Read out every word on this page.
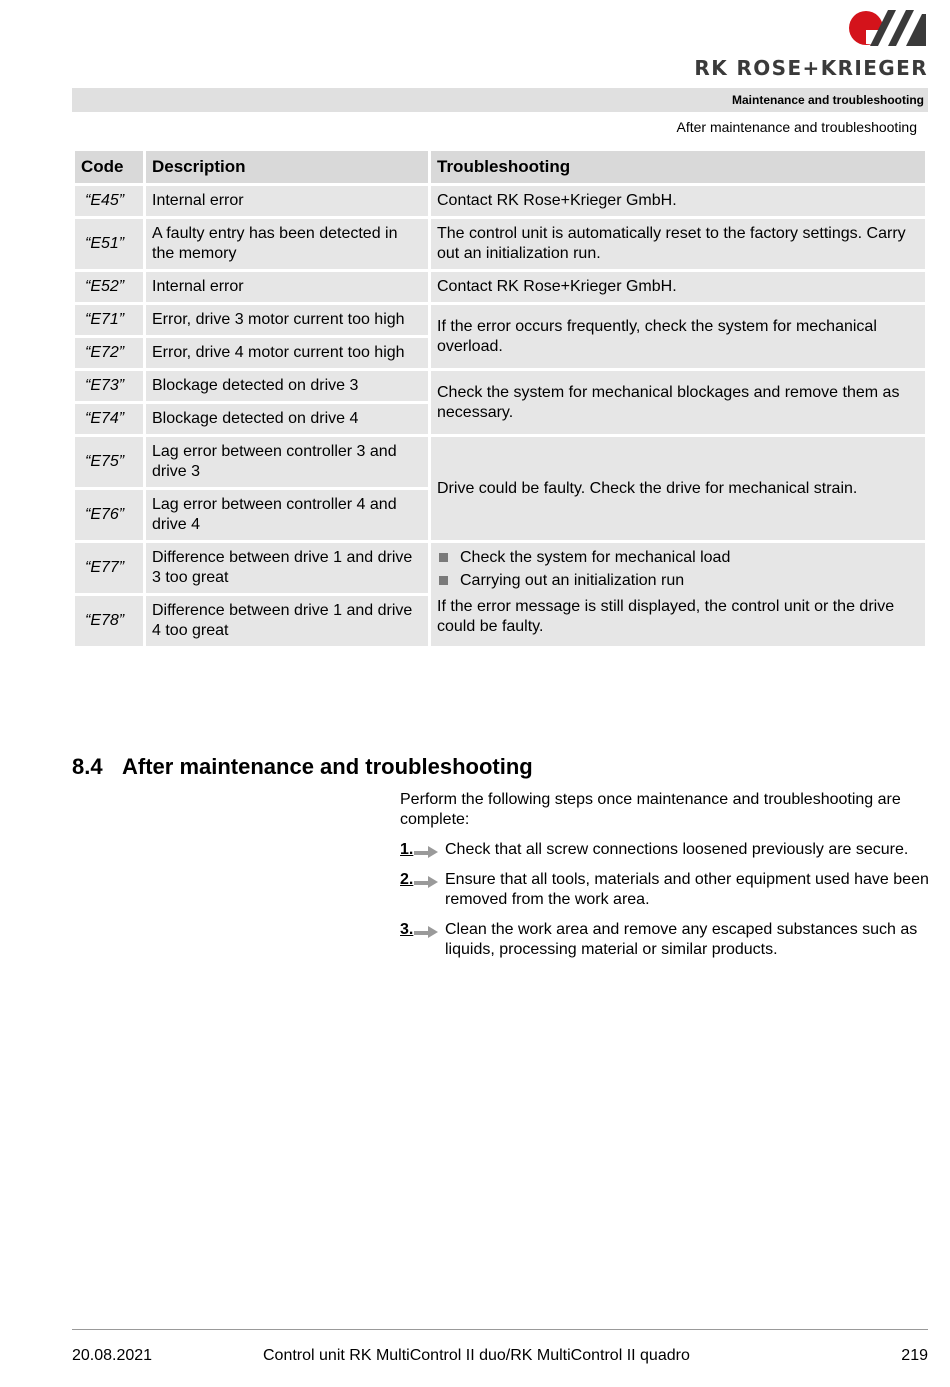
RK ROSE+KRIEGER
Maintenance and troubleshooting
After maintenance and troubleshooting
Code	Description	Troubleshooting
“E45”	Internal error	Contact RK Rose+Krieger GmbH.
“E51”	A faulty entry has been detected in the memory	The control unit is automatically reset to the factory settings. Carry out an initialization run.
“E52”	Internal error	Contact RK Rose+Krieger GmbH.
“E71”	Error, drive 3 motor current too high	If the error occurs frequently, check the system for mechanical overload.
“E72”	Error, drive 4 motor current too high	
“E73”	Blockage detected on drive 3	Check the system for mechanical blockages and remove them as necessary.
“E74”	Blockage detected on drive 4	
“E75”	Lag error between controller 3 and drive 3	Drive could be faulty. Check the drive for mechanical strain.
“E76”	Lag error between controller 4 and drive 4	
“E77”	Difference between drive 1 and drive 3 too great	Check the system for mechanical load
Carrying out an initialization run
If the error message is still displayed, the control unit or the drive could be faulty.

“E78”	Difference between drive 1 and drive 4 too great	
8.4 After maintenance and troubleshooting
Perform the following steps once maintenance and troubleshooting are complete:
1.	Check that all screw connections loosened previously are secure.
2.	Ensure that all tools, materials and other equipment used have been removed from the work area.
3.	Clean the work area and remove any escaped substances such as liquids, processing material or similar products.
20.08.2021	Control unit RK MultiControl II duo/RK MultiControl II quadro	219
